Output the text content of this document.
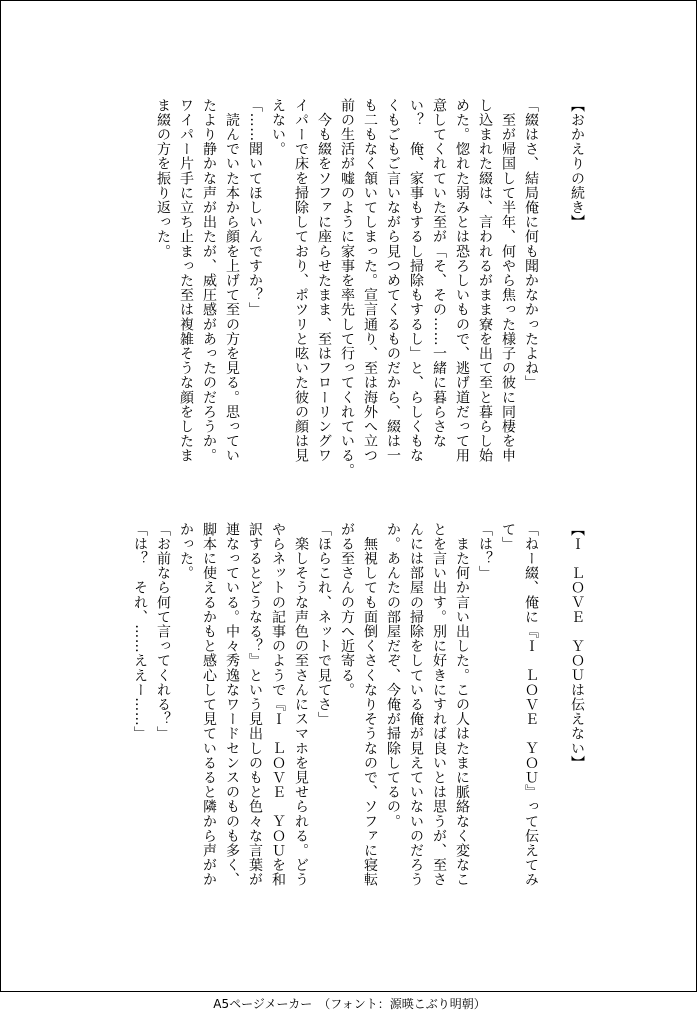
【おかえりの続き】

「綴はさ、結局俺に何も聞かなかったよね」
　至が帰国して半年、何やら焦った様子の彼に同棲を申
し込まれた綴は、言われるがまま寮を出て至と暮らし始
めた。惚れた弱みとは恐ろしいもので、逃げ道だって用
意してくれていた至が「そ、その……一緒に暮らさな
い？　俺、家事もするし掃除もするし」と、らしくもな
くもごもご言いながら見つめてくるものだから、綴は一
も二もなく頷いてしまった。宣言通り、至は海外へ立つ
前の生活が嘘のように家事を率先して行ってくれている。
　今も綴をソファに座らせたまま、至はフローリングワ
イパーで床を掃除しており、ポツリと呟いた彼の顔は見
えない。
「……聞いてほしいんですか？」
　読んでいた本から顔を上げて至の方を見る。思ってい
たより静かな声が出たが、威圧感があったのだろうか。
ワイパー片手に立ち止まった至は複雑そうな顔をしたま
ま綴の方を振り返った。
【Ｉ　ＬＯＶＥ　ＹＯＵは伝えない】

「ねー綴、俺に『Ｉ　ＬＯＶＥ　ＹＯＵ』って伝えてみ
て」
「は？」
　また何か言い出した。この人はたまに脈絡なく変なこ
とを言い出す。別に好きにすれば良いとは思うが、至さ
んには部屋の掃除をしている俺が見えていないのだろう
か。あんたの部屋だぞ、今俺が掃除してるの。
　無視しても面倒くさくなりそうなので、ソファに寝転
がる至さんの方へ近寄る。
「ほらこれ、ネットで見てさ」
　楽しそうな声色の至さんにスマホを見せられる。どう
やらネットの記事のようで『Ｉ　ＬＯＶＥ　ＹＯＵを和
訳するとどうなる？』という見出しのもと色々な言葉が
連なっている。中々秀逸なワードセンスのものも多く、
脚本に使えるかもと感心して見ているると隣から声がか
かった。
「お前なら何て言ってくれる？」
「は？　それ、……ええー……」
A5ページメーカー　（フォント：源暎こぶり明朝）
